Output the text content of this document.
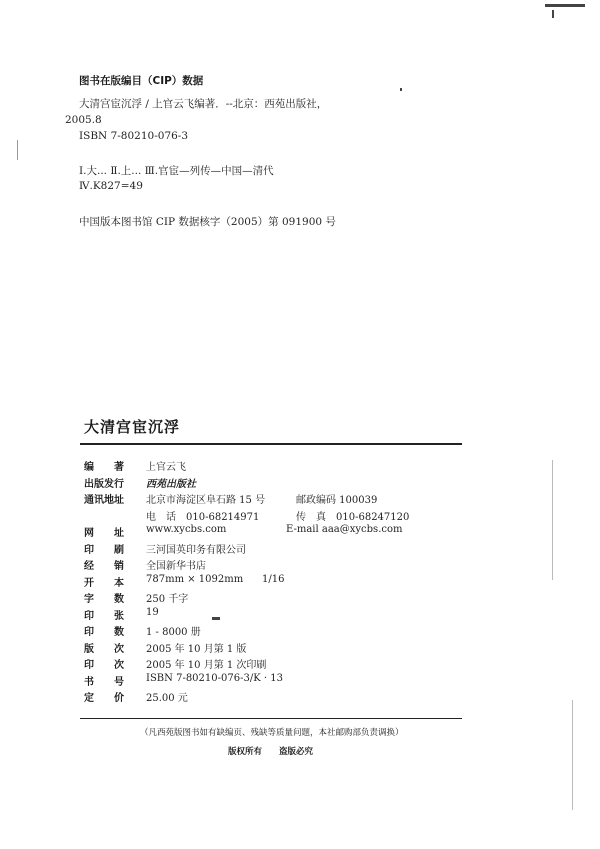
图书在版编目（CIP）数据
大清宫宦沉浮 / 上官云飞编著．--北京：西苑出版社，
2005.8
ISBN 7-80210-076-3
Ⅰ.大... Ⅱ.上... Ⅲ.官宦—列传—中国—清代
Ⅳ.K827=49
中国版本图书馆 CIP 数据核字（2005）第 091900 号
大清宫宦沉浮
编　　著 上官云飞
出版发行 西苑出版社
通讯地址 北京市海淀区阜石路 15 号	邮政编码 100039
电　话　010-68214971	传　真　010-68247120
网　　址 www.xycbs.com	E-mail aaa@xycbs.com
印　　刷 三河国英印务有限公司
经　　销 全国新华书店
开　　本 787mm × 1092mm 1/16
字　　数 250 千字
印　　张 19
印　　数 1 - 8000 册
版　　次 2005 年 10 月第 1 版
印　　次 2005 年 10 月第 1 次印刷
书　　号 ISBN 7-80210-076-3/K · 13
定　　价 25.00 元
（凡西苑版图书如有缺编页、残缺等质量问题，本社邮购部负责调换）
版权所有　　盗版必究
